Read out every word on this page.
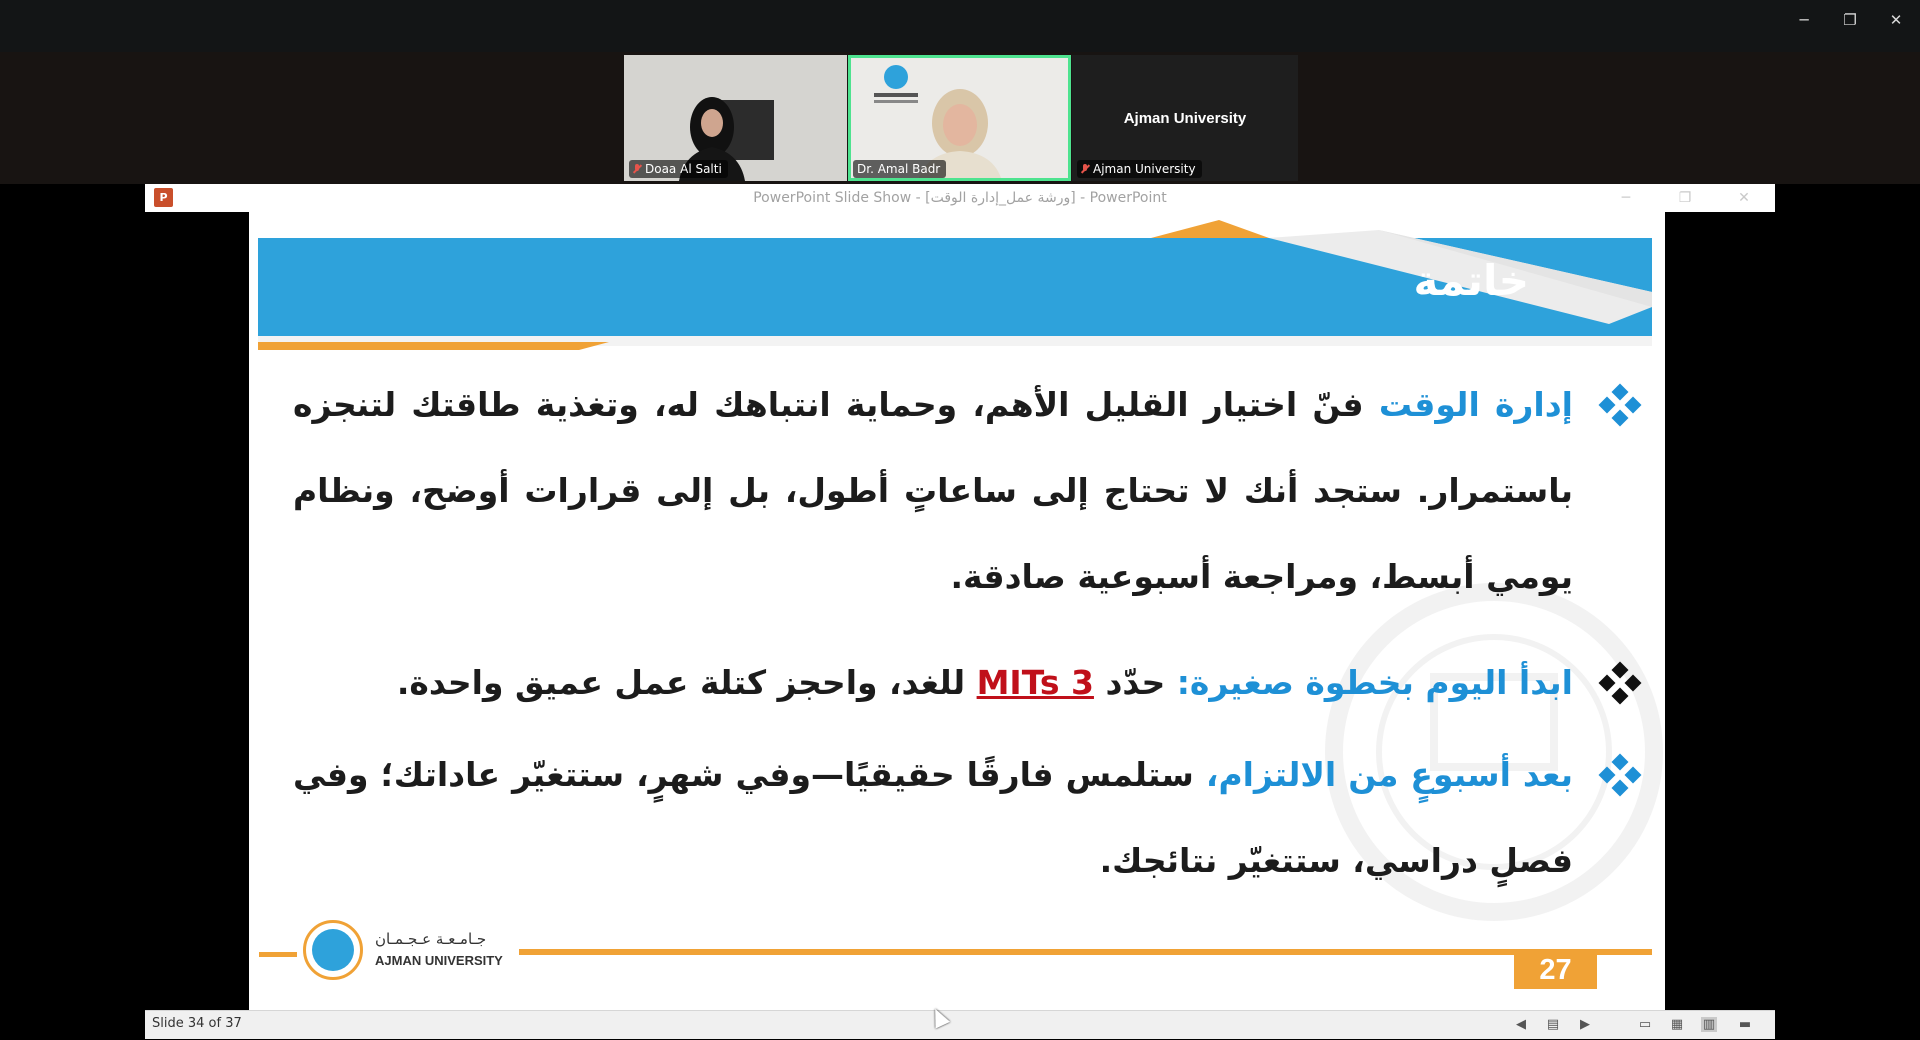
─	❐	✕
Doaa Al Salti	Dr. Amal Badr
Ajman University
Ajman University
P	PowerPoint Slide Show - [ورشة عمل_إدارة الوقت] - PowerPoint	─	❐	✕
خاتمة
إدارة الوقت فنّ اختيار القليل الأهم، وحماية انتباهك له، وتغذية طاقتك لتنجزه باستمرار. ستجد أنك لا تحتاج إلى ساعاتٍ أطول، بل إلى قرارات أوضح، ونظام يومي أبسط، ومراجعة أسبوعية صادقة.
ابدأ اليوم بخطوة صغيرة: حدّد 3 MITs للغد، واحجز كتلة عمل عميق واحدة.
بعد أسبوعٍ من الالتزام، ستلمس فارقًا حقيقيًا—وفي شهرٍ، ستتغيّر عاداتك؛ وفي فصلٍ دراسي، ستتغيّر نتائجك.
جـامـعـة عـجـمـان
AJMAN UNIVERSITY	27
Slide 34 of 37	◀ ▤ ▶	▭ ▦ ▥ ▬
